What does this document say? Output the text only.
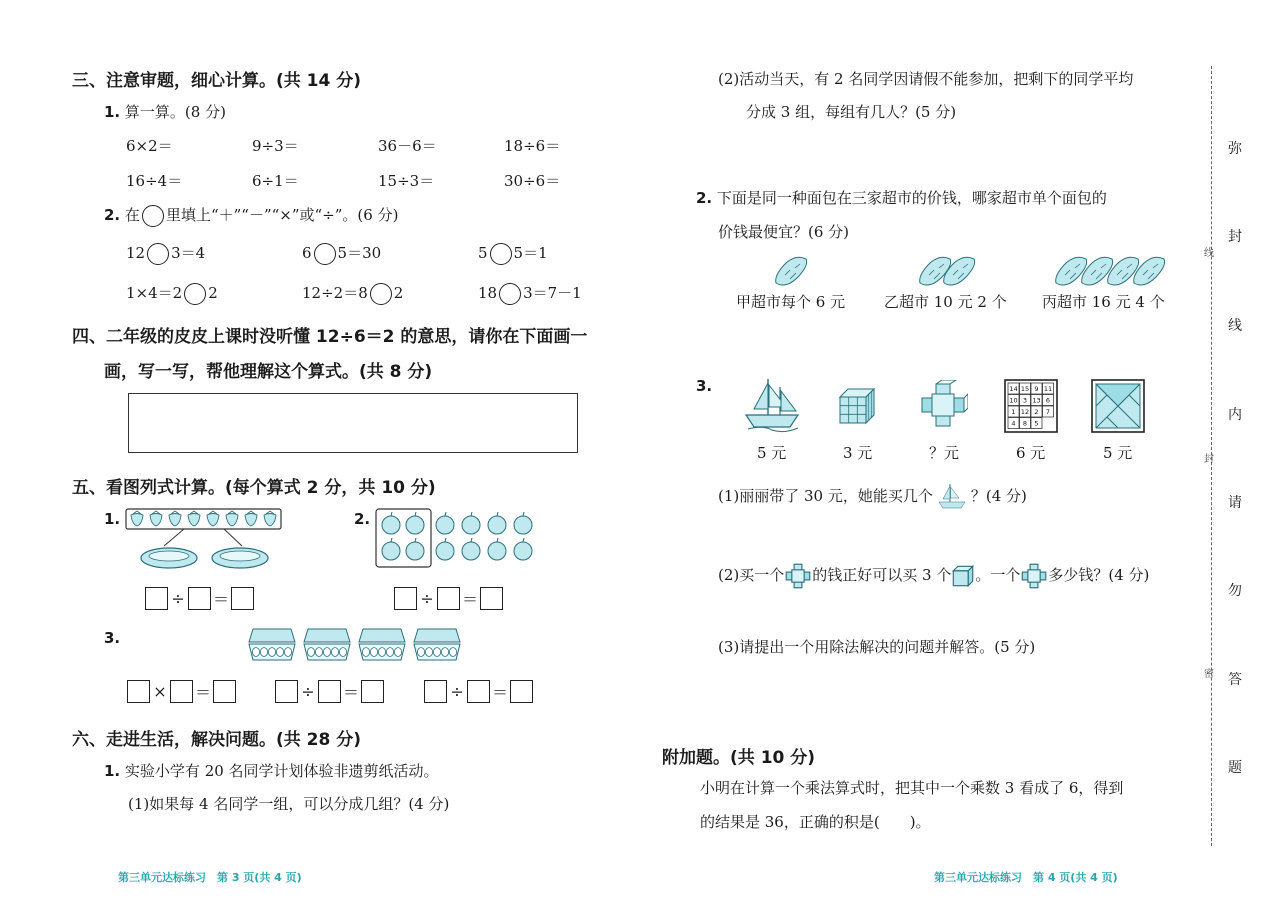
三、注意审题，细心计算。(共 14 分)
1. 算一算。(8 分)
6×2＝	9÷3＝	36－6＝	18÷6＝
16÷4＝	6÷1＝	15÷3＝	30÷6＝
2. 在 里填上“＋”“－”“×”或“÷”。(6 分)
12 3＝4	6 5＝30	5 5＝1
1×4＝2 2	12÷2＝8 2	18 3＝7－1
四、二年级的皮皮上课时没听懂 12÷6＝2 的意思，请你在下面画一
画，写一写，帮他理解这个算式。(共 8 分)
五、看图列式计算。(每个算式 2 分，共 10 分)
1.
÷ ＝
2.
÷ ＝
3.
× ＝	÷ ＝	÷ ＝
六、走进生活，解决问题。(共 28 分)
1. 实验小学有 20 名同学计划体验非遗剪纸活动。
(1)如果每 4 名同学一组，可以分成几组？(4 分)
第三单元达标练习　第 3 页(共 4 页)
(2)活动当天，有 2 名同学因请假不能参加，把剩下的同学平均
分成 3 组，每组有几人？(5 分)
2. 下面是同一种面包在三家超市的价钱，哪家超市单个面包的
价钱最便宜？(6 分)
甲超市每个 6 元	乙超市 10 元 2 个 丙超市 16 元 4 个
3.	14 15 9 11
10 3 13 6
1 12 2 7
4 8 5
5 元	3 元	？元	6 元	5 元
(1)丽丽带了 30 元，她能买几个	？(4 分)
(2)买一个 的钱正好可以买 3 个 。一个 多少钱？(4 分)
(3)请提出一个用除法解决的问题并解答。(5 分)
附加题。(共 10 分)
小明在计算一个乘法算式时，把其中一个乘数 3 看成了 6，得到
的结果是 36，正确的积是(　　)。
第三单元达标练习　第 4 页(共 4 页)
线
封
密
弥
封
线
内
请
勿
答
题
